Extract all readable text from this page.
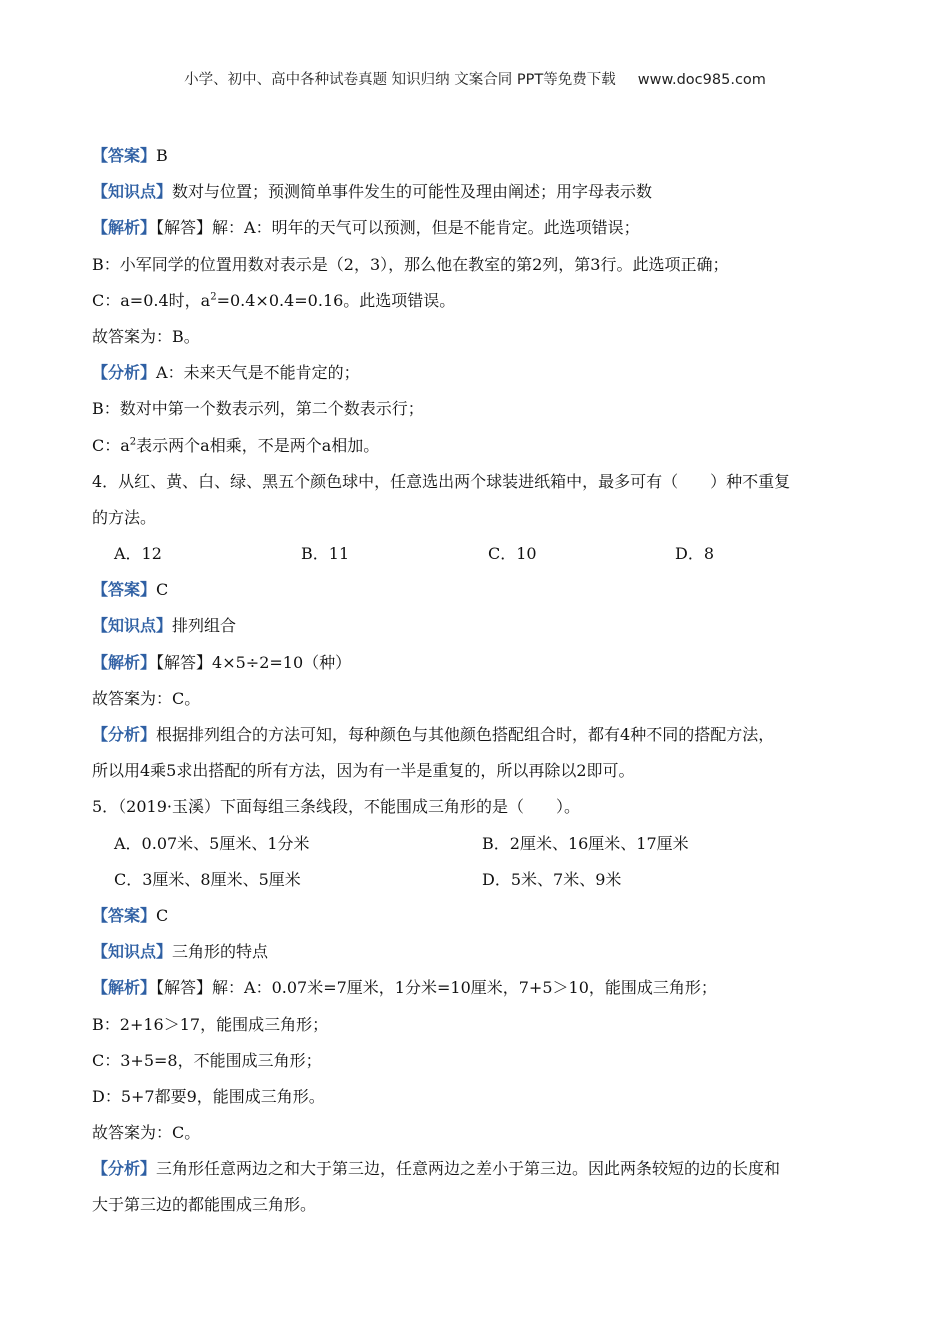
小学、初中、高中各种试卷真题 知识归纳 文案合同 PPT等免费下载 www.doc985.com
【答案】B
【知识点】数对与位置；预测简单事件发生的可能性及理由阐述；用字母表示数
【解析】【解答】解：A：明年的天气可以预测，但是不能肯定。此选项错误；
B：小军同学的位置用数对表示是（2，3），那么他在教室的第2列，第3行。此选项正确；
C：a=0.4时，$a^2=0.4\times 0.4=0.16$。此选项错误。
故答案为：B。
【分析】A：未来天气是不能肯定的；
B：数对中第一个数表示列，第二个数表示行；
C：$a^2$表示两个a相乘，不是两个a相加。
4．从红、黄、白、绿、黑五个颜色球中，任意选出两个球装进纸箱中，最多可有（　　）种不重复
的方法。
A．12	B．11	C．10	D．8
【答案】C
【知识点】排列组合
【解析】【解答】4×5÷2=10（种）
故答案为：C。
【分析】根据排列组合的方法可知，每种颜色与其他颜色搭配组合时，都有4种不同的搭配方法，
所以用4乘5求出搭配的所有方法，因为有一半是重复的，所以再除以2即可。
5．（2019·玉溪）下面每组三条线段，不能围成三角形的是（　　）。
A．0.07米、5厘米、1分米	B．2厘米、16厘米、17厘米
C．3厘米、8厘米、5厘米	D．5米、7米、9米
【答案】C
【知识点】三角形的特点
【解析】【解答】解：A：0.07米=7厘米，1分米=10厘米，7+5＞10，能围成三角形；
B：2+16＞17，能围成三角形；
C：3+5=8，不能围成三角形；
D：5+7都要9，能围成三角形。
故答案为：C。
【分析】三角形任意两边之和大于第三边，任意两边之差小于第三边。因此两条较短的边的长度和
大于第三边的都能围成三角形。
